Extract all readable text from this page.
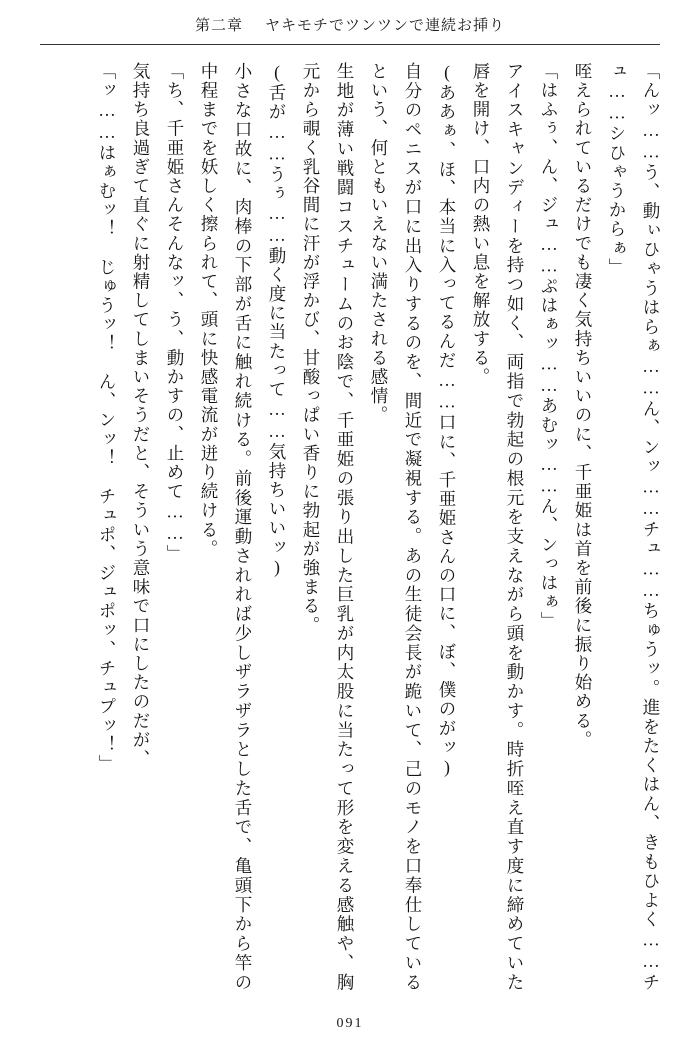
第二章 ヤキモチでツンツンで連続お挿り

「んッ……う、動ぃひゃうはらぁ……ん、ンッ……チュ……ちゅうッ。進をたくはん、きもひよく……チュ……シひゃうからぁ」

咥えられているだけでも凄く気持ちいいのに、千亜姫は首を前後に振り始める。

「はふぅ、ん、ジュ……ぷはぁッ……あむッ……ん、ンっはぁ」

アイスキャンディーを持つ如く、両指で勃起の根元を支えながら頭を動かす。時折咥え直す度に締めていた唇を開け、口内の熱い息を解放する。

(ああぁ、ほ、本当に入ってるんだ……口に、千亜姫さんの口に、ぼ、僕のがッ)

自分のペニスが口に出入りするのを、間近で凝視する。あの生徒会長が跪いて、己のモノを口奉仕しているという、何ともいえない満たされる感情。

生地が薄い戦闘コスチュームのお陰で、千亜姫の張り出した巨乳が内太股に当たって形を変える感触や、胸元から覗く乳谷間に汗が浮かび、甘酸っぱい香りに勃起が強まる。

(舌が……うぅ……動く度に当たって……気持ちいいッ)

小さな口故に、肉棒の下部が舌に触れ続ける。前後運動されれば少しザラザラとした舌で、亀頭下から竿の中程までを妖しく擦られて、頭に快感電流が迸り続ける。

「ち、千亜姫さんそんなッ、う、動かすの、止めて……」

気持ち良過ぎて直ぐに射精してしまいそうだと、そういう意味で口にしたのだが、

「ッ……はぁむッ！　じゅうッ！　ん、ンッ！　チュポ、ジュポッ、チュプッ！」

091
